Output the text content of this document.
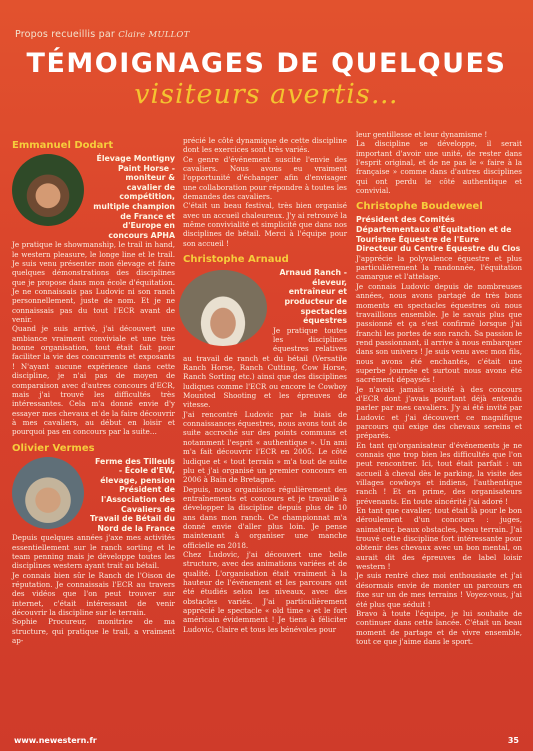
Propos recueillis par Claire MULLOT
TÉMOIGNAGES DE QUELQUES
visiteurs avertis…
Emmanuel Dodart
Élevage Montigny Paint Horse - moniteur & cavalier de compétition, multiple champion de France et d'Europe en concours APHA

Je pratique le showmanship, le trail in hand, le western pleasure, le longe line et le trail. Je suis venu présenter mon élevage et faire quelques démonstrations des disciplines que je propose dans mon école d'équitation. Je ne connaissais pas Ludovic ni son ranch personnellement, juste de nom. Et je ne connaissais pas du tout l'ECR avant de venir.

Quand je suis arrivé, j'ai découvert une ambiance vraiment conviviale et une très bonne organisation, tout était fait pour faciliter la vie des concurrents et exposants ! N'ayant aucune expérience dans cette discipline, je n'ai pas de moyen de comparaison avec d'autres concours d'ECR, mais j'ai trouvé les difficultés très intéressantes. Cela m'a donné envie d'y essayer mes chevaux et de la faire découvrir à mes cavaliers, au début en loisir et pourquoi pas en concours par la suite…

Olivier Vermes
Ferme des Tilleuls - École d'EW, élevage, pension Président de l'Association des Cavaliers de Travail de Bétail du Nord de la France

Depuis quelques années j'axe mes activités essentiellement sur le ranch sorting et le team penning mais je développe toutes les disciplines western ayant trait au bétail.

Je connais bien sûr le Ranch de l'Oison de réputation. Je connaissais l'ECR au travers des vidéos que l'on peut trouver sur internet, c'était intéressant de venir découvrir la discipline sur le terrain.

Sophie Procureur, monitrice de ma structure, qui pratique le trail, a vraiment ap-

précié le côté dynamique de cette discipline dont les exercices sont très variés.

Ce genre d'événement suscite l'envie des cavaliers. Nous avons eu vraiment l'opportunité d'échanger afin d'envisager une collaboration pour répondre à toutes les demandes des cavaliers.

C'était un beau festival, très bien organisé avec un accueil chaleureux. J'y ai retrouvé la même convivialité et simplicité que dans nos disciplines de bétail. Merci à l'équipe pour son accueil !

Christophe Arnaud
Arnaud Ranch - éleveur, entraîneur et producteur de spectacles équestres

Je pratique toutes les disciplines équestres relatives au travail de ranch et du bétail (Versatile Ranch Horse, Ranch Cutting, Cow Horse, Ranch Sorting etc.) ainsi que des disciplines ludiques comme l'ECR ou encore le Cowboy Mounted Shooting et les épreuves de vitesse.

J'ai rencontré Ludovic par le biais de connaissances équestres, nous avons tout de suite accroché sur des points communs et notamment l'esprit « authentique ». Un ami m'a fait découvrir l'ECR en 2005. Le côté ludique et « tout terrain » m'a tout de suite plu et j'ai organisé un premier concours en 2006 à Bain de Bretagne.

Depuis, nous organisons régulièrement des entraînements et concours et je travaille à développer la discipline depuis plus de 10 ans dans mon ranch. Ce championnat m'a donné envie d'aller plus loin. Je pense maintenant à organiser une manche officielle en 2018.

Chez Ludovic, j'ai découvert une belle structure, avec des animations variées et de qualité. L'organisation était vraiment à la hauteur de l'événement et les parcours ont été étudiés selon les niveaux, avec des obstacles variés. J'ai particulièrement apprécié le spectacle « old time » et le fort américain évidemment ! Je tiens à féliciter Ludovic, Claire et tous les bénévoles pour

leur gentillesse et leur dynamisme !

La discipline se développe, il serait important d'avoir une unité, de rester dans l'esprit original, et de ne pas le « faire à la française » comme dans d'autres disciplines qui ont perdu le côté authentique et convivial.

Christophe Boudeweel
Président des Comités Départementaux d'Équitation et de Tourisme Équestre de l'Eure Directeur du Centre Équestre du Clos

J'apprécie la polyvalence équestre et plus particulièrement la randonnée, l'équitation camargue et l'attelage.

Je connais Ludovic depuis de nombreuses années, nous avons partagé de très bons moments en spectacles équestres où nous travaillions ensemble. Je le savais plus que passionné et ça s'est confirmé lorsque j'ai franchi les portes de son ranch. Sa passion le rend passionnant, il arrive à nous embarquer dans son univers ! Je suis venu avec mon fils, nous avons été enchantés, c'était une superbe journée et surtout nous avons été sacrément dépaysés !

Je n'avais jamais assisté à des concours d'ECR dont j'avais pourtant déjà entendu parler par mes cavaliers. J'y ai été invité par Ludovic et j'ai découvert ce magnifique parcours qui exige des chevaux sereins et préparés.

En tant qu'organisateur d'événements je ne connais que trop bien les difficultés que l'on peut rencontrer. Ici, tout était parfait : un accueil à cheval dès le parking, la visite des villages cowboys et indiens, l'authentique ranch ! Et en prime, des organisateurs prévenants. En toute sincérité j'ai adoré !

En tant que cavalier, tout était là pour le bon déroulement d'un concours : juges, animateur, beaux obstacles, beau terrain. J'ai trouvé cette discipline fort intéressante pour obtenir des chevaux avec un bon mental, on aurait dit des épreuves de label loisir western !

Je suis rentré chez moi enthousiaste et j'ai désormais envie de monter un parcours en fixe sur un de mes terrains ! Voyez-vous, j'ai été plus que séduit !

Bravo à toute l'équipe, je lui souhaite de continuer dans cette lancée. C'était un beau moment de partage et de vivre ensemble, tout ce que j'aime dans le sport.

www.newestern.fr	35
